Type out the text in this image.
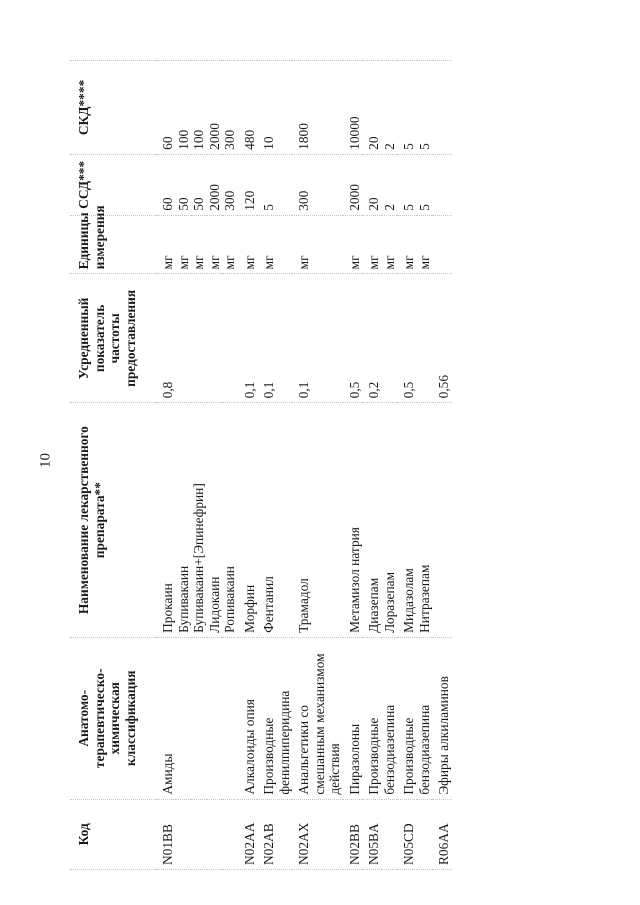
10
Код	Анатомо-терапевтическо-химическая классификация	Наименование лекарственного препарата**	Усредненный показатель частоты предоставления	Единицы измерения	ССД***	СКД****
N01BB	Амиды	Прокаин	0,8	мг	60	60
		Бупивакаин		мг	50	100
		Бупивакаин+[Эпинефрин]		мг	50	100
		Лидокаин		мг	2000	2000
		Ропивакаин		мг	300	300
N02AA	Алкалоиды опия	Морфин	0,1	мг	120	480
N02AB	Производные фенилпиперидина	Фентанил	0,1	мг	5	10
N02AX	Анальгетики со смешанным механизмом действия	Трамадол	0,1	мг	300	1800
N02BB	Пиразолоны	Метамизол натрия	0,5	мг	2000	10000
N05BA	Производные бензодиазепина	Диазепам	0,2	мг	20	20
		Лоразепам		мг	2	2
N05CD	Производные бензодиазепина	Мидазолам	0,5	мг	5	5
		Нитразепам		мг	5	5
R06AA	Эфиры алкиламинов		0,56			
